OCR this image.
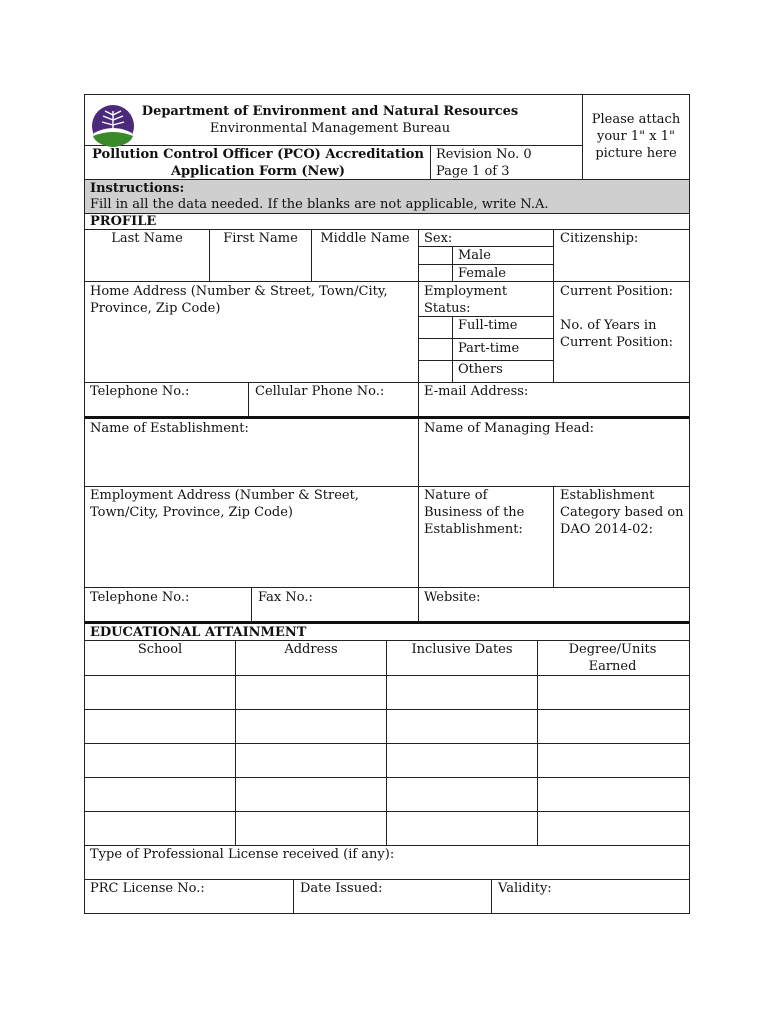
Department of Environment and Natural Resources
Environmental Management Bureau
Pollution Control Officer (PCO) Accreditation
Application Form (New)
Revision No. 0
Page 1 of 3
Please attach
your 1" x 1"
picture here
Instructions:
Fill in all the data needed. If the blanks are not applicable, write N.A.
PROFILE
Last Name	First Name	Middle Name	Sex:
Male
Female
Citizenship:
Home Address (Number & Street, Town/City, Province, Zip Code)
Employment Status:
Full-time
Part-time
Others
Current Position:
No. of Years in Current Position:
Telephone No.:	Cellular Phone No.:	E-mail Address:
Name of Establishment:	Name of Managing Head:
Employment Address (Number & Street, Town/City, Province, Zip Code)
Nature of Business of the Establishment:
Establishment Category based on DAO 2014-02:
Telephone No.:	Fax No.:	Website:
EDUCATIONAL ATTAINMENT
School	Address	Inclusive Dates	Degree/Units Earned
Type of Professional License received (if any):
PRC License No.:	Date Issued:	Validity:
